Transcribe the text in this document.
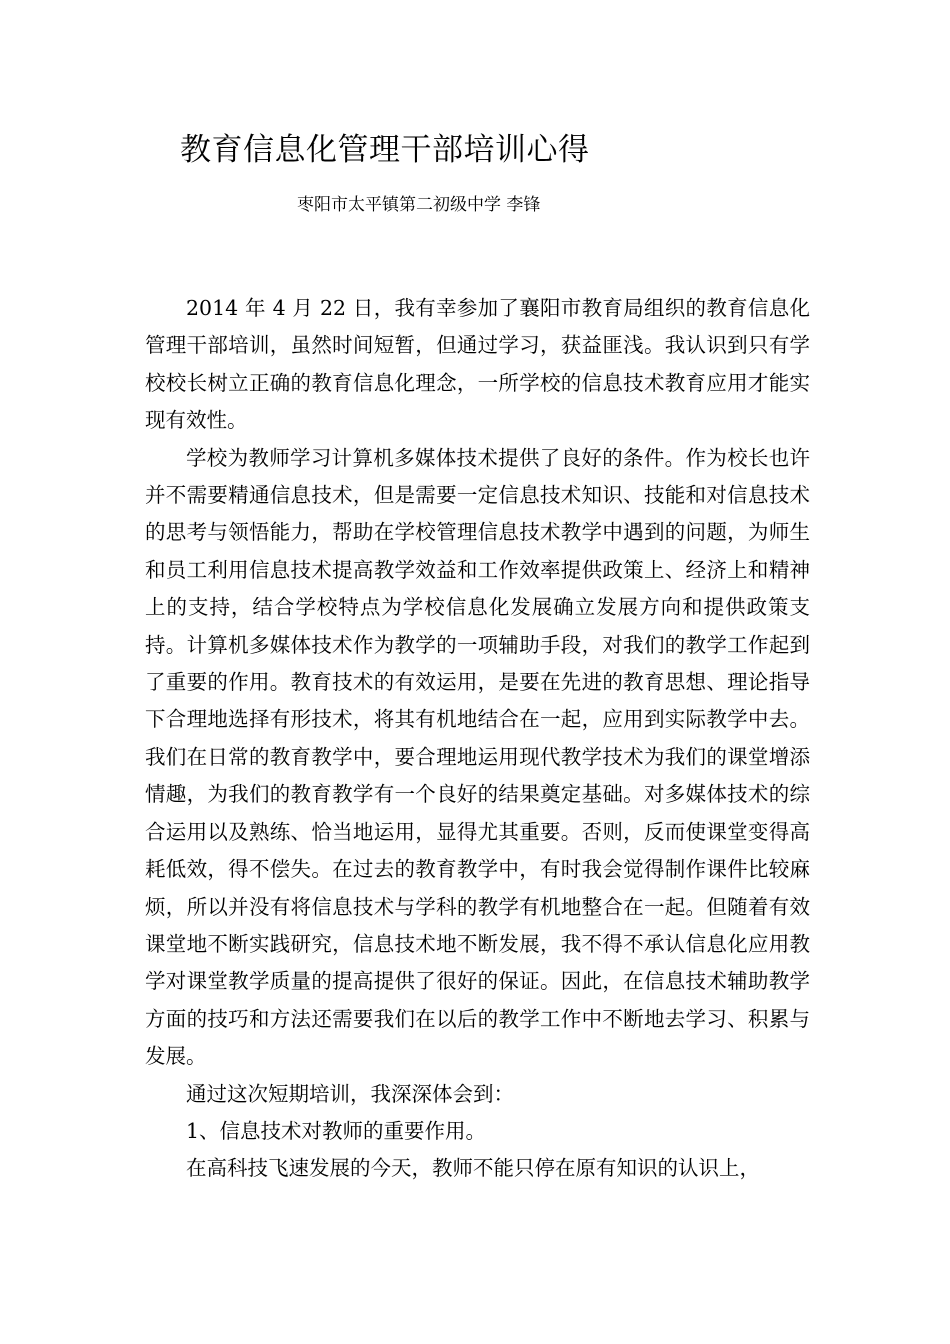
教育信息化管理干部培训心得
枣阳市太平镇第二初级中学 李锋

2014 年 4 月 22 日，我有幸参加了襄阳市教育局组织的教育信息化管理干部培训，虽然时间短暂，但通过学习，获益匪浅。我认识到只有学校校长树立正确的教育信息化理念，一所学校的信息技术教育应用才能实现有效性。

学校为教师学习计算机多媒体技术提供了良好的条件。作为校长也许并不需要精通信息技术，但是需要一定信息技术知识、技能和对信息技术的思考与领悟能力，帮助在学校管理信息技术教学中遇到的问题，为师生和员工利用信息技术提高教学效益和工作效率提供政策上、经济上和精神上的支持，结合学校特点为学校信息化发展确立发展方向和提供政策支持。计算机多媒体技术作为教学的一项辅助手段，对我们的教学工作起到了重要的作用。教育技术的有效运用，是要在先进的教育思想、理论指导下合理地选择有形技术，将其有机地结合在一起，应用到实际教学中去。我们在日常的教育教学中，要合理地运用现代教学技术为我们的课堂增添情趣，为我们的教育教学有一个良好的结果奠定基础。对多媒体技术的综合运用以及熟练、恰当地运用，显得尤其重要。否则，反而使课堂变得高耗低效，得不偿失。在过去的教育教学中，有时我会觉得制作课件比较麻烦，所以并没有将信息技术与学科的教学有机地整合在一起。但随着有效课堂地不断实践研究，信息技术地不断发展，我不得不承认信息化应用教学对课堂教学质量的提高提供了很好的保证。因此，在信息技术辅助教学方面的技巧和方法还需要我们在以后的教学工作中不断地去学习、积累与发展。

通过这次短期培训，我深深体会到：

1、信息技术对教师的重要作用。

在高科技飞速发展的今天，教师不能只停在原有知识的认识上，
